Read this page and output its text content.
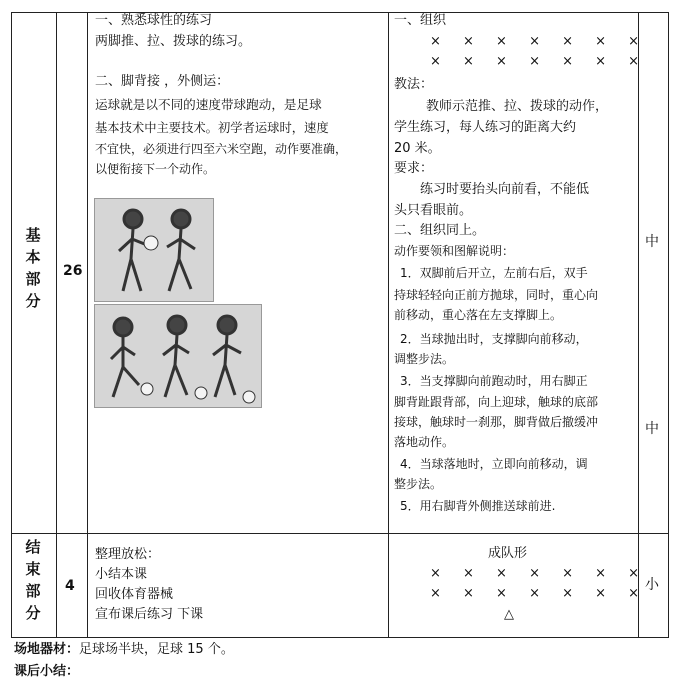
基
本
部
分
26
一、熟悉球性的练习
两脚推、拉、拨球的练习。
二、脚背接 ，外侧运：
运球就是以不同的速度带球跑动，是足球
基本技术中主要技术。初学者运球时，速度
不宜快，必须进行四至六米空跑，动作要准确，
以便衔接下一个动作。
一、组织
× × × × × × ×
× × × × × × ×
教法：
教师示范推、拉、拨球的动作，
学生练习，每人练习的距离大约
20 米。
要求：
练习时要抬头向前看，不能低
头只看眼前。
二、组织同上。
动作要领和图解说明：
1．双脚前后开立，左前右后，双手
持球轻轻向正前方抛球，同时，重心向
前移动，重心落在左支撑脚上。
2．当球抛出时，支撑脚向前移动，
调整步法。
3．当支撑脚向前跑动时，用右脚正
脚背趾跟背部，向上迎球，触球的底部
接球，触球时一刹那，脚背做后撤缓冲
落地动作。
4．当球落地时，立即向前移动，调
整步法。
5．用右脚背外侧推送球前进.
中
中
结
束
部
分
4
整理放松：
小结本课
回收体育器械
宣布课后练习 下课
成队形
× × × × × × ×
× × × × × × ×
△
小
场地器材：足球场半块，足球 15 个。
课后小结：
